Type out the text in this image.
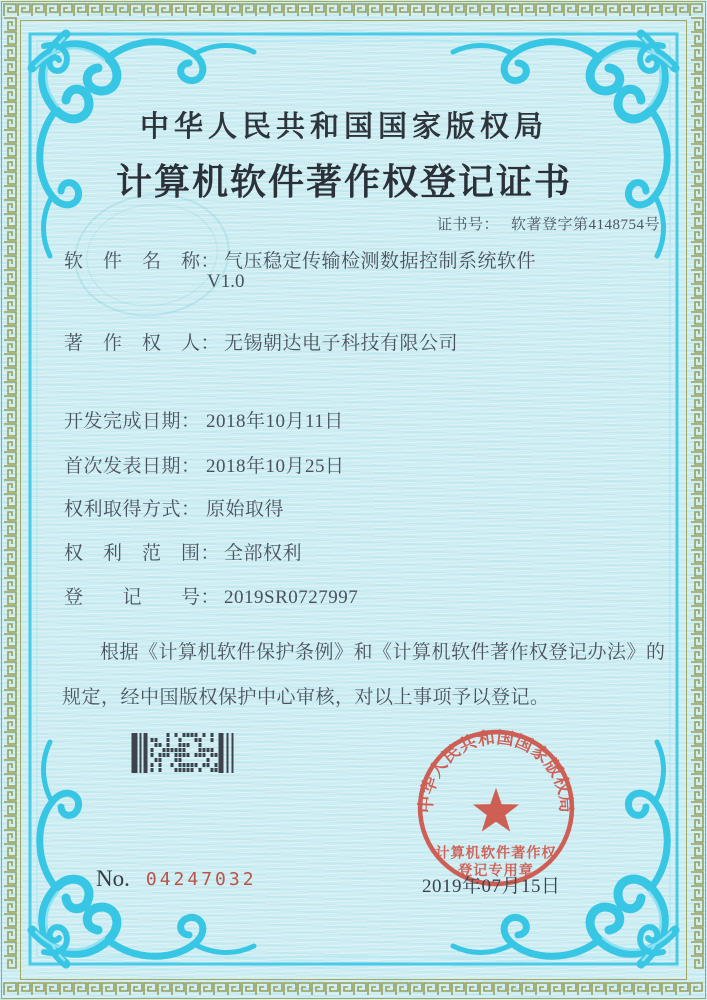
中华人民共和国国家版权局
计算机软件著作权登记证书
证书号： 软著登字第4148754号
软　件　名　称： 气压稳定传输检测数据控制系统软件
V1.0
著　作　权　人： 无锡朝达电子科技有限公司
开发完成日期： 2018年10月11日
首次发表日期： 2018年10月25日
权利取得方式： 原始取得
权　利　范　围： 全部权利
登　　记　　号： 2019SR0727997
根据《计算机软件保护条例》和《计算机软件著作权登记办法》的规定，经中国版权保护中心审核，对以上事项予以登记。
中华人民共和国国家版权局
计算机软件著作权
登记专用章
2019年07月15日
No. 04247032
